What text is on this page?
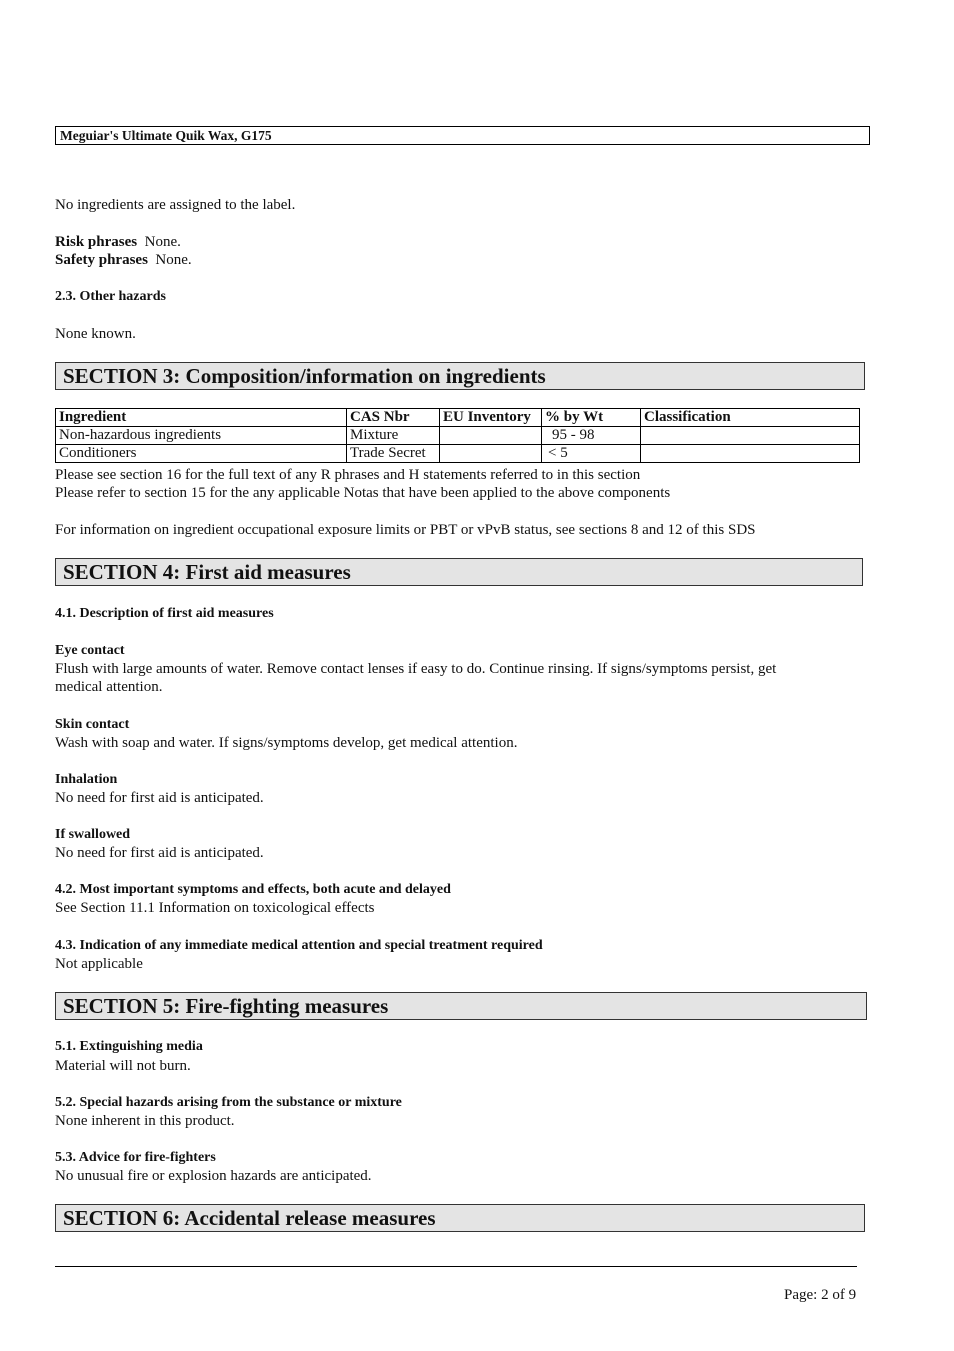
Meguiar's Ultimate Quik Wax, G175
No ingredients are assigned to the label.
Risk phrases None.
Safety phrases None.
2.3. Other hazards
None known.
SECTION 3: Composition/information on ingredients
Ingredient	CAS Nbr	EU Inventory	% by Wt	Classification
Non-hazardous ingredients	Mixture		95 - 98	
Conditioners	Trade Secret		< 5	
Please see section 16 for the full text of any R phrases and H statements referred to in this section
Please refer to section 15 for the any applicable Notas that have been applied to the above components
For information on ingredient occupational exposure limits or PBT or vPvB status, see sections 8 and 12 of this SDS
SECTION 4: First aid measures
4.1. Description of first aid measures
Eye contact
Flush with large amounts of water. Remove contact lenses if easy to do. Continue rinsing. If signs/symptoms persist, get
medical attention.
Skin contact
Wash with soap and water. If signs/symptoms develop, get medical attention.
Inhalation
No need for first aid is anticipated.
If swallowed
No need for first aid is anticipated.
4.2. Most important symptoms and effects, both acute and delayed
See Section 11.1 Information on toxicological effects
4.3. Indication of any immediate medical attention and special treatment required
Not applicable
SECTION 5: Fire-fighting measures
5.1. Extinguishing media
Material will not burn.
5.2. Special hazards arising from the substance or mixture
None inherent in this product.
5.3. Advice for fire-fighters
No unusual fire or explosion hazards are anticipated.
SECTION 6: Accidental release measures
Page: 2 of 9
